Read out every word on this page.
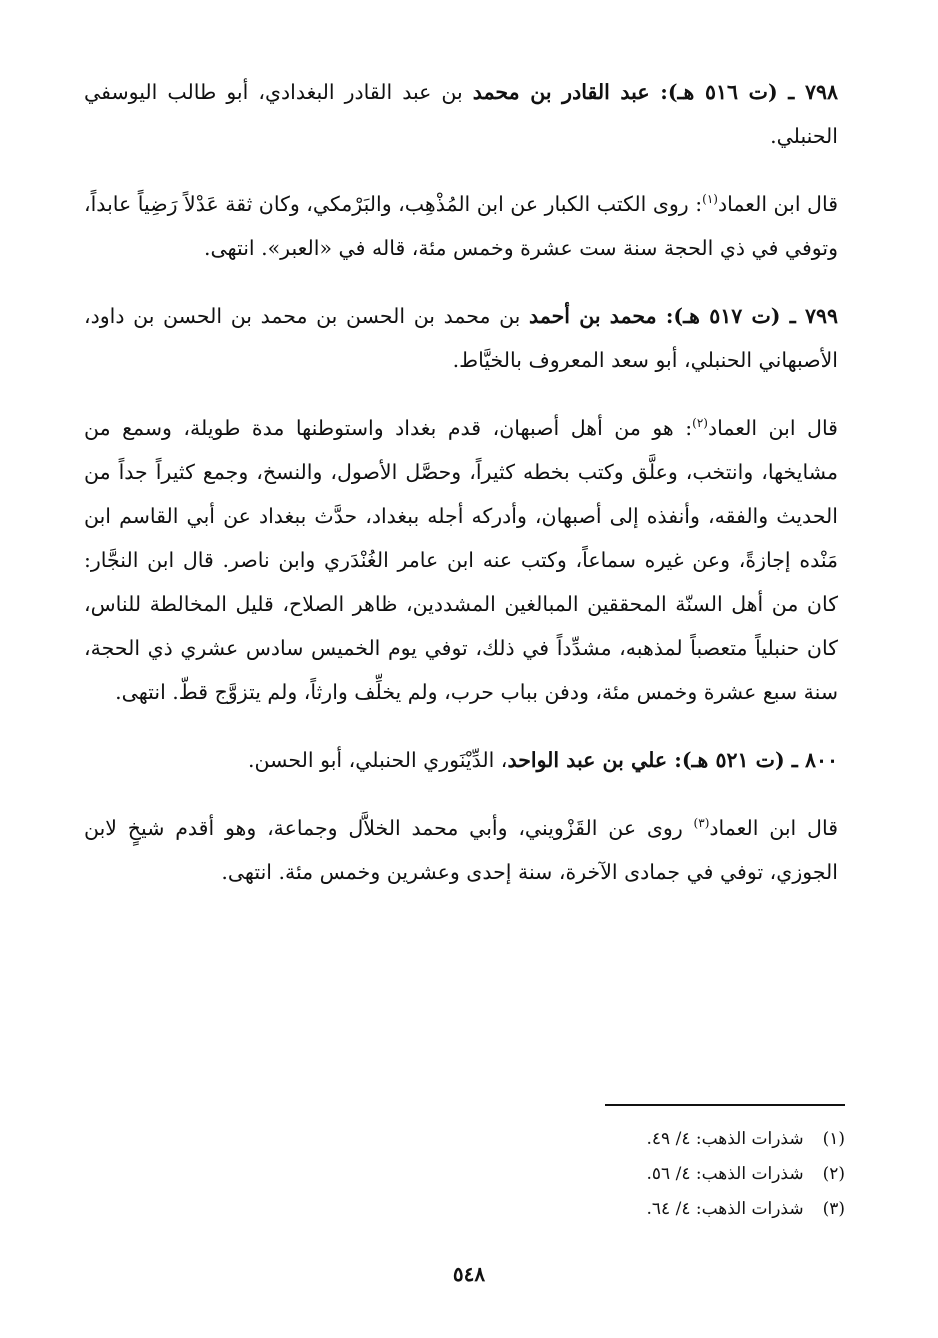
٧٩٨ ـ (ت ٥١٦ هـ): عبد القادر بن محمد بن عبد القادر البغدادي، أبو طالب اليوسفي الحنبلي.

قال ابن العماد$^{(١)}$: روى الكتب الكبار عن ابن المُذْهِب، والبَرْمكي، وكان ثقة عَدْلاً رَضِياً عابداً، وتوفي في ذي الحجة سنة ست عشرة وخمس مئة، قاله في «العبر». انتهى.

٧٩٩ ـ (ت ٥١٧ هـ): محمد بن أحمد بن محمد بن الحسن بن محمد بن الحسن بن داود، الأصبهاني الحنبلي، أبو سعد المعروف بالخيَّاط.

قال ابن العماد$^{(٢)}$: هو من أهل أصبهان، قدم بغداد واستوطنها مدة طويلة، وسمع من مشايخها، وانتخب، وعلَّق وكتب بخطه كثيراً، وحصَّل الأصول، والنسخ، وجمع كثيراً جداً من الحديث والفقه، وأنفذه إلى أصبهان، وأدركه أجله ببغداد، حدَّث ببغداد عن أبي القاسم ابن مَنْده إجازةً، وعن غيره سماعاً، وكتب عنه ابن عامر الغُنْدَري وابن ناصر. قال ابن النجَّار: كان من أهل السنّة المحققين المبالغين المشددين، ظاهر الصلاح، قليل المخالطة للناس، كان حنبلياً متعصباً لمذهبه، مشدِّداً في ذلك، توفي يوم الخميس سادس عشري ذي الحجة، سنة سبع عشرة وخمس مئة، ودفن بباب حرب، ولم يخلِّف وارثاً، ولم يتزوَّج قطّ. انتهى.

٨٠٠ ـ (ت ٥٢١ هـ): علي بن عبد الواحد، الدِّيْنَوري الحنبلي، أبو الحسن.

قال ابن العماد$^{(٣)}$ روى عن القَزْويني، وأبي محمد الخلاَّل وجماعة، وهو أقدم شيخٍ لابن الجوزي، توفي في جمادى الآخرة، سنة إحدى وعشرين وخمس مئة. انتهى.

(١) شذرات الذهب: ٤/ ٤٩.
(٢) شذرات الذهب: ٤/ ٥٦.
(٣) شذرات الذهب: ٤/ ٦٤.
٥٤٨
